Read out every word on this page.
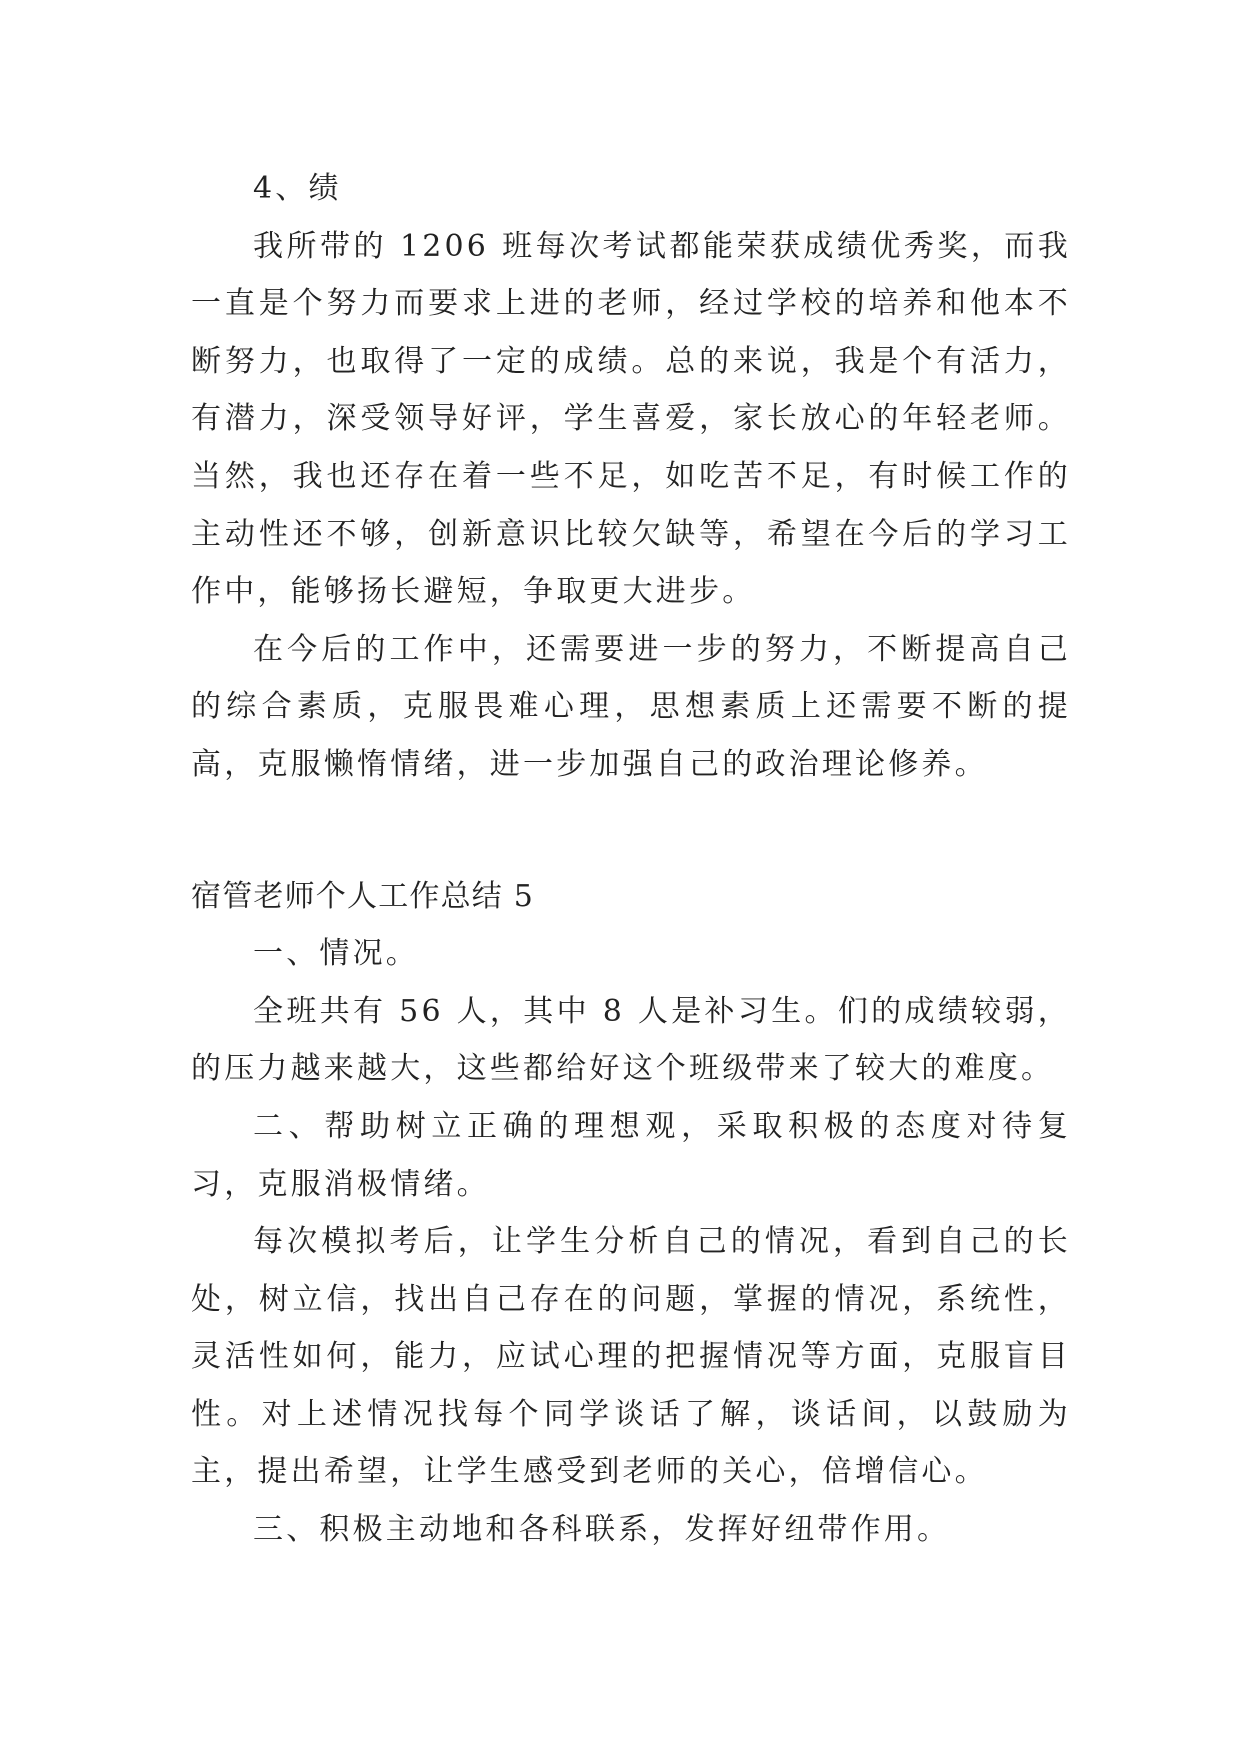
4、绩

我所带的 1206 班每次考试都能荣获成绩优秀奖，而我一直是个努力而要求上进的老师，经过学校的培养和他本不断努力，也取得了一定的成绩。总的来说，我是个有活力，有潜力，深受领导好评，学生喜爱，家长放心的年轻老师。当然，我也还存在着一些不足，如吃苦不足，有时候工作的主动性还不够，创新意识比较欠缺等，希望在今后的学习工作中，能够扬长避短，争取更大进步。

在今后的工作中，还需要进一步的努力，不断提高自己的综合素质，克服畏难心理，思想素质上还需要不断的提高，克服懒惰情绪，进一步加强自己的政治理论修养。

宿管老师个人工作总结 5

一、情况。

全班共有 56 人，其中 8 人是补习生。们的成绩较弱，的压力越来越大，这些都给好这个班级带来了较大的难度。

二、帮助树立正确的理想观，采取积极的态度对待复习，克服消极情绪。

每次模拟考后，让学生分析自己的情况，看到自己的长处，树立信，找出自己存在的问题，掌握的情况，系统性，灵活性如何，能力，应试心理的把握情况等方面，克服盲目性。对上述情况找每个同学谈话了解，谈话间，以鼓励为主，提出希望，让学生感受到老师的关心，倍增信心。

三、积极主动地和各科联系，发挥好纽带作用。
